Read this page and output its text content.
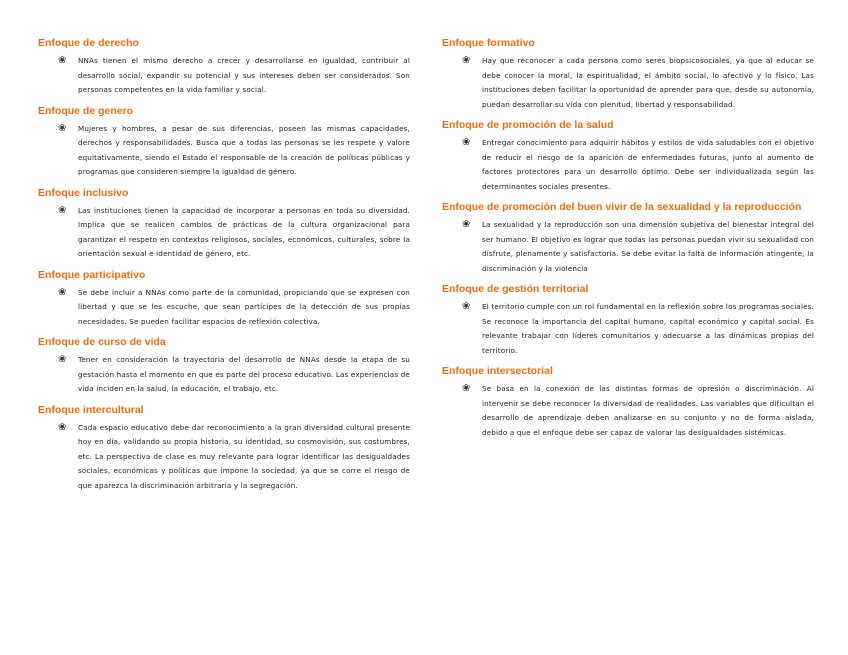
Enfoque de derecho
❀ NNAs tienen el mismo derecho a crecer y desarrollarse en igualdad, contribuir al desarrollo social, expandir su potencial y sus intereses deben ser considerados. Son personas competentes en la vida familiar y social.
Enfoque de genero
❀ Mujeres y hombres, a pesar de sus diferencias, poseen las mismas capacidades, derechos y responsabilidades. Busca que a todas las personas se les respete y valore equitativamente, siendo el Estado el responsable de la creación de políticas públicas y programas que consideren siempre la igualdad de género.
Enfoque inclusivo
❀ Las instituciones tienen la capacidad de incorporar a personas en toda su diversidad. Implica que se realicen cambios de prácticas de la cultura organizacional para garantizar el respeto en contextos religiosos, sociales, económicos, culturales, sobre la orientación sexual e identidad de género, etc.
Enfoque participativo
❀ Se debe incluir a NNAs como parte de la comunidad, propiciando que se expresen con libertad y que se les escuche, que sean partícipes de la detección de sus propias necesidades. Se pueden facilitar espacios de reflexión colectiva.
Enfoque de curso de vida
❀ Tener en consideración la trayectoria del desarrollo de NNAs desde la etapa de su gestación hasta el momento en que es parte del proceso educativo. Las experiencias de vida inciden en la salud, la educación, el trabajo, etc.
Enfoque intercultural
❀ Cada espacio educativo debe dar reconocimiento a la gran diversidad cultural presente hoy en día, validando su propia historia, su identidad, su cosmovisión, sus costumbres, etc. La perspectiva de clase es muy relevante para lograr identificar las desigualdades sociales, económicas y políticas que impone la sociedad, ya que se corre el riesgo de que aparezca la discriminación arbitraria y la segregación.
Enfoque formativo
❀ Hay que reconocer a cada persona como seres biopsicosociales, ya que al educar se debe conocer la moral, la espiritualidad, el ámbito social, lo afectivo y lo físico. Las instituciones deben facilitar la oportunidad de aprender para que, desde su autonomía, puedan desarrollar su vida con plenitud, libertad y responsabilidad.
Enfoque de promoción de la salud
❀ Entregar conocimiento para adquirir hábitos y estilos de vida saludables con el objetivo de reducir el riesgo de la aparición de enfermedades futuras, junto al aumento de factores protectores para un desarrollo óptimo. Debe ser individualizada según las determinantes sociales presentes.
Enfoque de promoción del buen vivir de la sexualidad y la reproducción
❀ La sexualidad y la reproducción son una dimensión subjetiva del bienestar integral del ser humano. El objetivo es lograr que todas las personas puedan vivir su sexualidad con disfrute, plenamente y satisfactoria. Se debe evitar la falta de información atingente, la discriminación y la violencia
Enfoque de gestión territorial
❀ El territorio cumple con un rol fundamental en la reflexión sobre los programas sociales. Se reconoce la importancia del capital humano, capital económico y capital social. Es relevante trabajar con líderes comunitarios y adecuarse a las dinámicas propias del territorio.
Enfoque intersectorial
❀ Se basa en la conexión de las distintas formas de opresión o discriminación. Al intervenir se debe reconocer la diversidad de realidades. Las variables que dificultan el desarrollo de aprendizaje deben analizarse en su conjunto y no de forma aislada, debido a que el enfoque debe ser capaz de valorar las desigualdades sistémicas.
